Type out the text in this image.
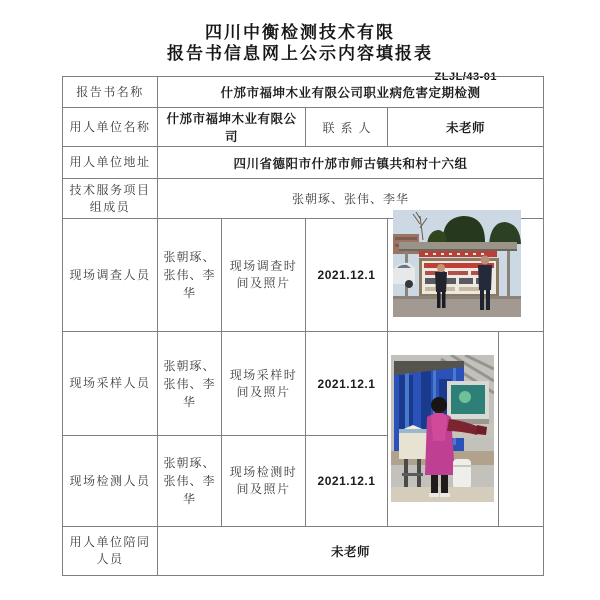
四川中衡检测技术有限
报告书信息网上公示内容填报表
ZLJL/43-01
报告书名称	什邡市福坤木业有限公司职业病危害定期检测				
用人单位名称	什邡市福坤木业有限公司		联系人	未老师	
用人单位地址	四川省德阳市什邡市师古镇共和村十六组				
技术服务项目组成员	张朝琢、张伟、李华				
现场调查人员	张朝琢、张伟、李华	现场调查时间及照片	2021.12.1		
现场采样人员	张朝琢、张伟、李华	现场采样时间及照片	2021.12.1		
现场检测人员	张朝琢、张伟、李华	现场检测时间及照片	2021.12.1		
用人单位陪同人员	未老师				
